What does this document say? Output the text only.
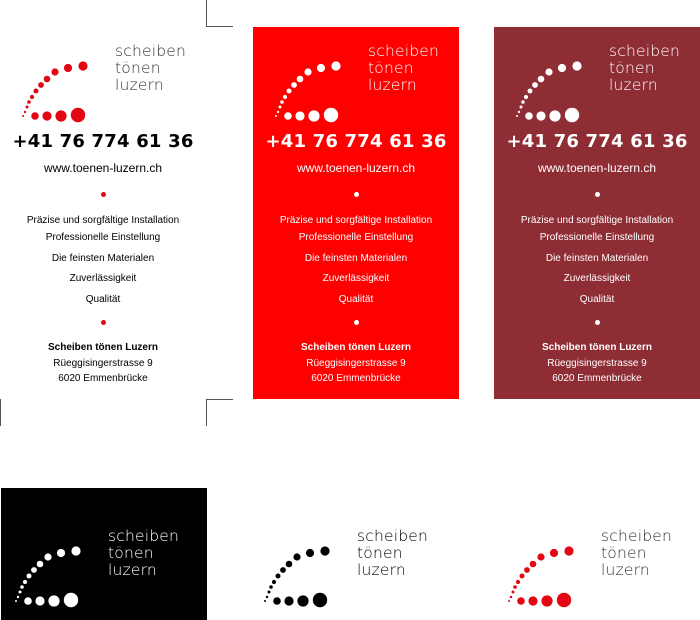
scheiben
tönen
luzern
+41 76 774 61 36
www.toenen-luzern.ch
Präzise und sorgfältige Installation
Professionelle Einstellung
Die feinsten Materialen
Zuverlässigkeit
Qualität
Scheiben tönen Luzern
Rüeggisingerstrasse 9
6020 Emmenbrücke
scheiben
tönen
luzern
+41 76 774 61 36
www.toenen-luzern.ch
Präzise und sorgfältige Installation
Professionelle Einstellung
Die feinsten Materialen
Zuverlässigkeit
Qualität
Scheiben tönen Luzern
Rüeggisingerstrasse 9
6020 Emmenbrücke
scheiben
tönen
luzern
+41 76 774 61 36
www.toenen-luzern.ch
Präzise und sorgfältige Installation
Professionelle Einstellung
Die feinsten Materialen
Zuverlässigkeit
Qualität
Scheiben tönen Luzern
Rüeggisingerstrasse 9
6020 Emmenbrücke
scheiben
tönen
luzern
scheiben
tönen
luzern
scheiben
tönen
luzern
